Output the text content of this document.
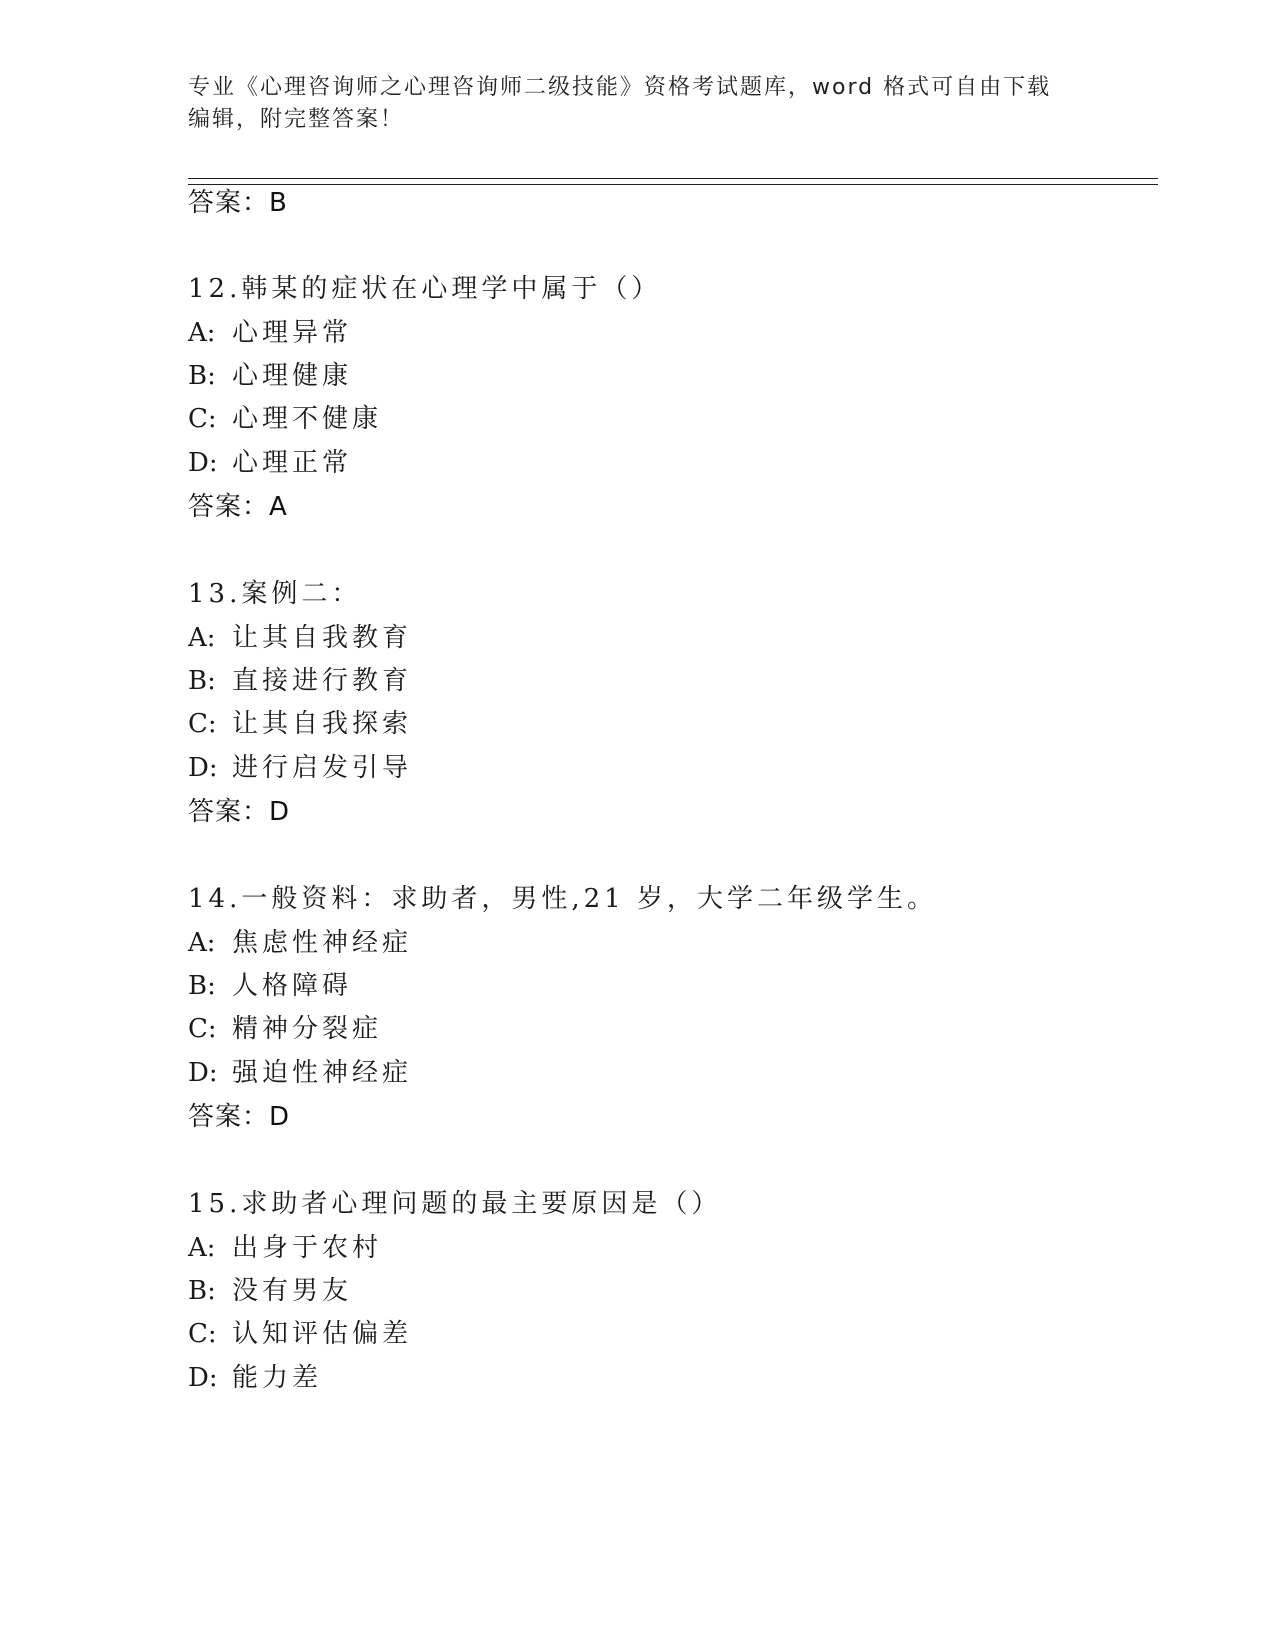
专业《心理咨询师之心理咨询师二级技能》资格考试题库，word 格式可自由下载
编辑，附完整答案！
答案：B
12.韩某的症状在心理学中属于（）
A: 心理异常
B: 心理健康
C: 心理不健康
D: 心理正常
答案：A
13.案例二：
A: 让其自我教育
B: 直接进行教育
C: 让其自我探索
D: 进行启发引导
答案：D
14.一般资料：求助者，男性,21 岁，大学二年级学生。
A: 焦虑性神经症
B: 人格障碍
C: 精神分裂症
D: 强迫性神经症
答案：D
15.求助者心理问题的最主要原因是（）
A: 出身于农村
B: 没有男友
C: 认知评估偏差
D: 能力差
